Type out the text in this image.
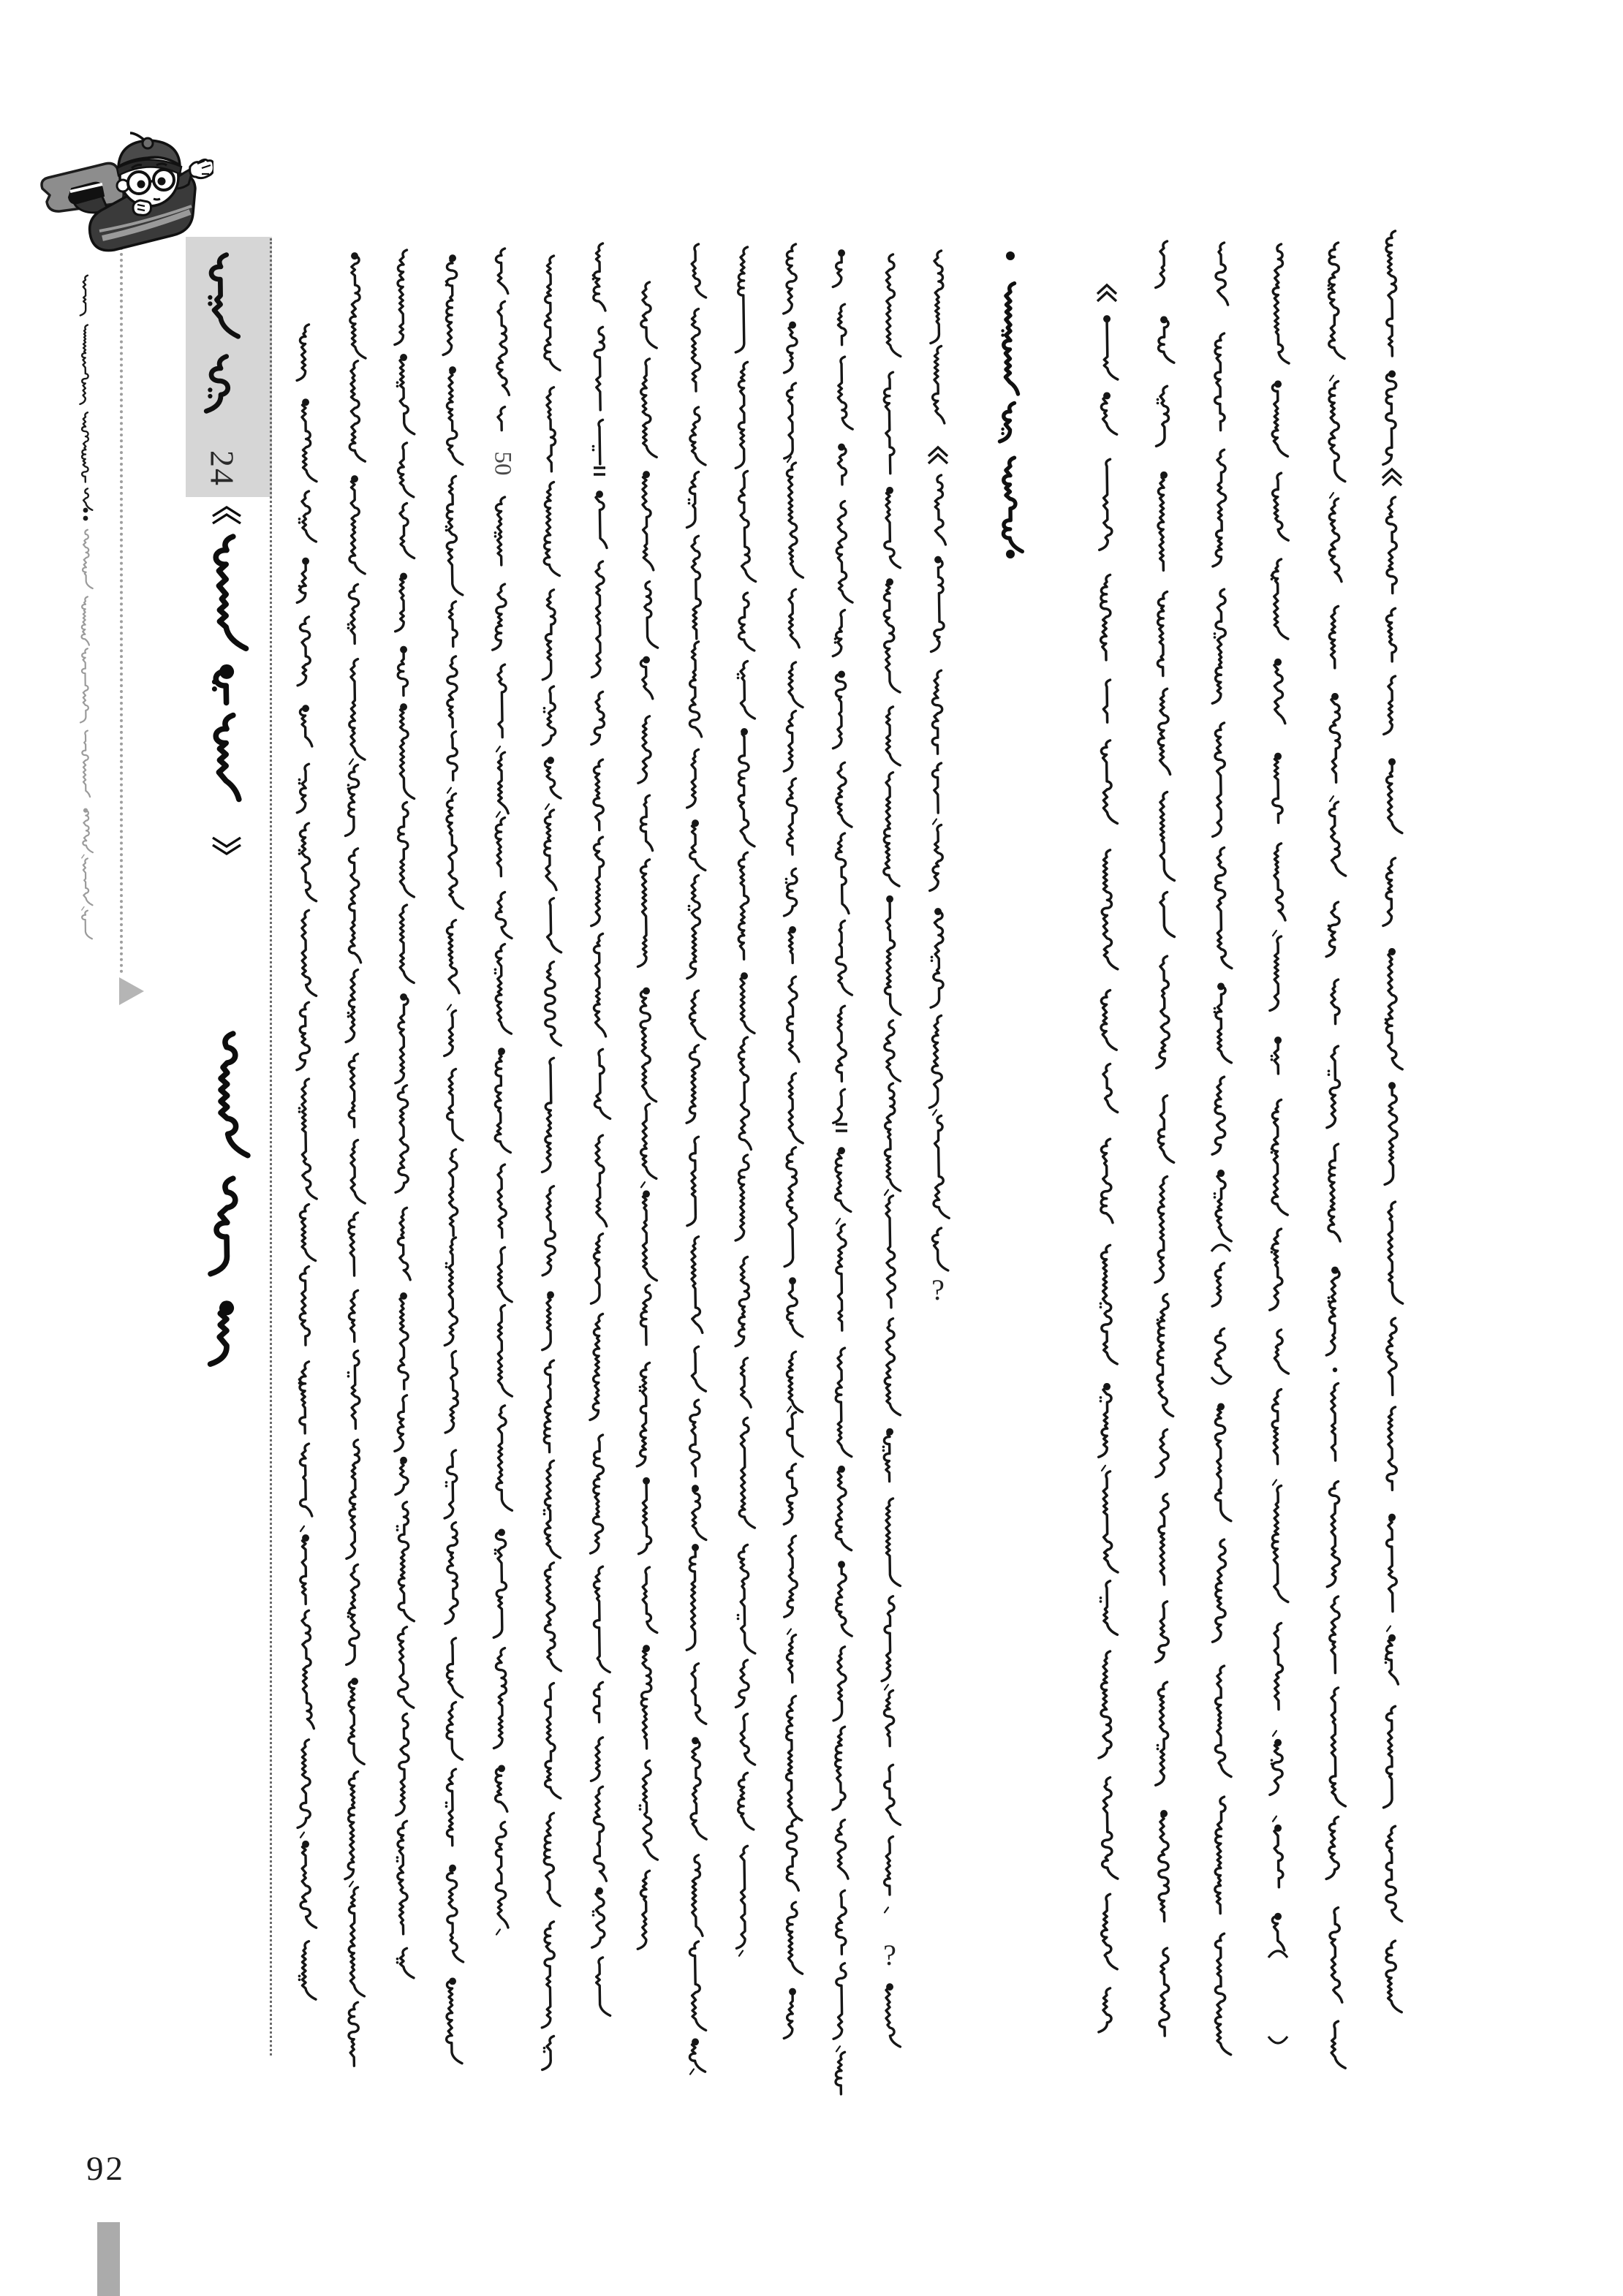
?
?
24	50
92
